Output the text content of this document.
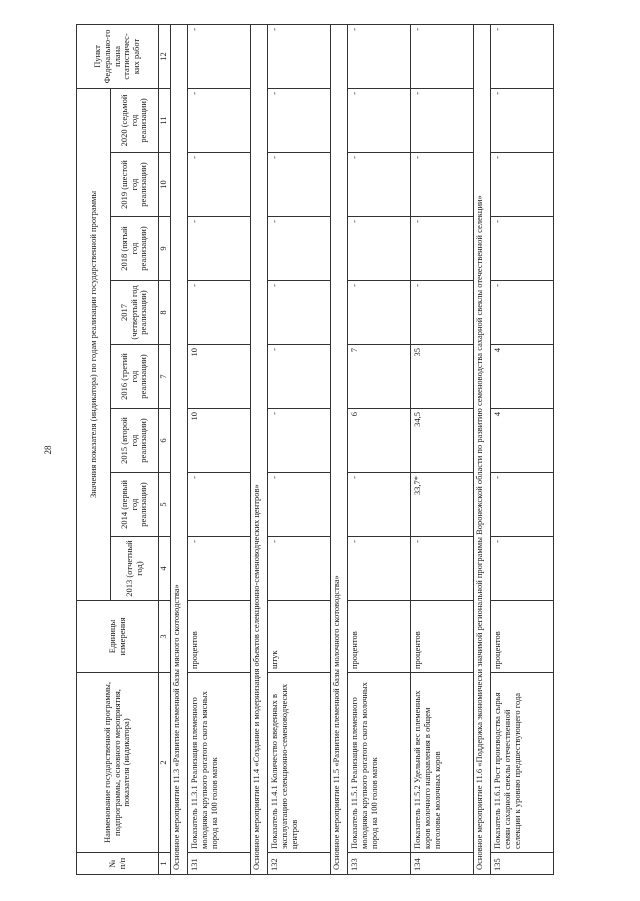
28
№ п/п	Наименование государственной программы, подпрограммы, основного мероприятия, показателя (индикатора)	Единицы измерения	Значения показателя (индикатора) по годам реализации государственной программы								Пункт Федерально-го плана статистичес-ких работ
			2013 (отчетный год)	2014 (первый год реализации)	2015 (второй год реализации)	2016 (третий год реализации)	2017 (четвертый год реализации)	2018 (пятый год реализации)	2019 (шестой год реализации)	2020 (седьмой год реализации)	
1	2	3	4	5	6	7	8	9	10	11	12
Основное мероприятие 11.3 «Развитие племенной базы мясного скотоводства»											
131	Показатель 11.3.1 Реализация племенного молодняка крупного рогатого скота мясных пород на 100 голов маток	процентов	-	-	10	10	-	-	-	-	-
Основное мероприятие 11.4 «Создание и модернизация объектов селекционно-семеноводческих центров»											
132	Показатель 11.4.1 Количество введенных в эксплуатацию селекционно-семеноводческих центров	штук	-	-	-	-	-	-	-	-	-
Основное мероприятие 11.5 «Развитие племенной базы молочного скотоводства»											
133	Показатель 11.5.1 Реализация племенного молодняка крупного рогатого скота молочных пород на 100 голов маток	процентов	-	-	6	7	-	-	-	-	-
134	Показатель 11.5.2 Удельный вес племенных коров молочного направления в общем поголовье молочных коров	процентов	-	33,7*	34,5	35	-	-	-	-	-
Основное мероприятие 11.6 «Поддержка экономически значимой региональной программы Воронежской области по развитию семеноводства сахарной свеклы отечественной селекции»											
135	Показатель 11.6.1 Рост производства сырья семян сахарной свеклы отечественной селекции к уровню предшествующего года	процентов	-	-	4	4	-	-	-	-	-
